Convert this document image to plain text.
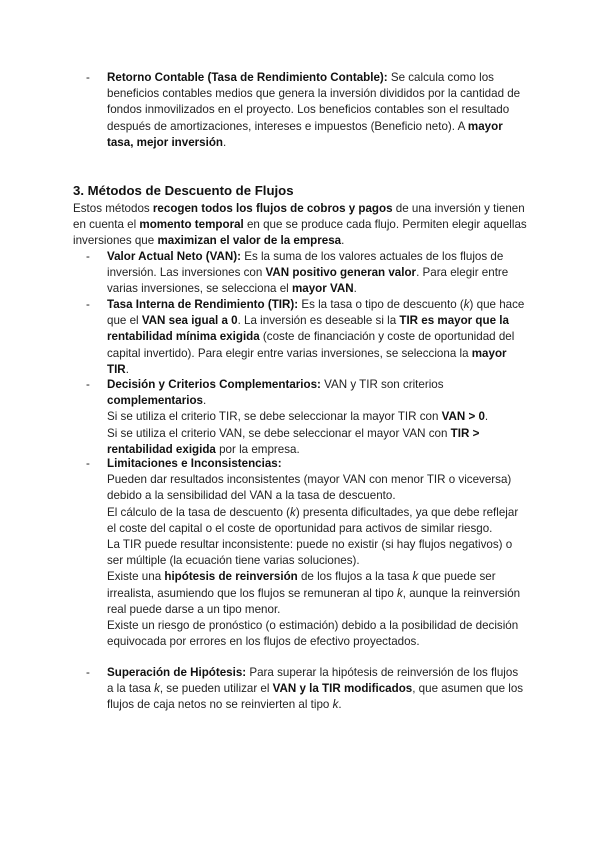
- Retorno Contable (Tasa de Rendimiento Contable): Se calcula como los beneficios contables medios que genera la inversión divididos por la cantidad de fondos inmovilizados en el proyecto. Los beneficios contables son el resultado después de amortizaciones, intereses e impuestos (Beneficio neto). A mayor tasa, mejor inversión.

3. Métodos de Descuento de Flujos

Estos métodos recogen todos los flujos de cobros y pagos de una inversión y tienen en cuenta el momento temporal en que se produce cada flujo. Permiten elegir aquellas inversiones que maximizan el valor de la empresa.

- Valor Actual Neto (VAN): Es la suma de los valores actuales de los flujos de inversión. Las inversiones con VAN positivo generan valor. Para elegir entre varias inversiones, se selecciona el mayor VAN.

- Tasa Interna de Rendimiento (TIR): Es la tasa o tipo de descuento (k) que hace que el VAN sea igual a 0. La inversión es deseable si la TIR es mayor que la rentabilidad mínima exigida (coste de financiación y coste de oportunidad del capital invertido). Para elegir entre varias inversiones, se selecciona la mayor TIR.

- Decisión y Criterios Complementarios: VAN y TIR son criterios complementarios.

Si se utiliza el criterio TIR, se debe seleccionar la mayor TIR con VAN > 0.

Si se utiliza el criterio VAN, se debe seleccionar el mayor VAN con TIR > rentabilidad exigida por la empresa.

- Limitaciones e Inconsistencias:

Pueden dar resultados inconsistentes (mayor VAN con menor TIR o viceversa) debido a la sensibilidad del VAN a la tasa de descuento.

El cálculo de la tasa de descuento (k) presenta dificultades, ya que debe reflejar el coste del capital o el coste de oportunidad para activos de similar riesgo.

La TIR puede resultar inconsistente: puede no existir (si hay flujos negativos) o ser múltiple (la ecuación tiene varias soluciones).

Existe una hipótesis de reinversión de los flujos a la tasa k que puede ser irrealista, asumiendo que los flujos se remuneran al tipo k, aunque la reinversión real puede darse a un tipo menor.

Existe un riesgo de pronóstico (o estimación) debido a la posibilidad de decisión equivocada por errores en los flujos de efectivo proyectados.

- Superación de Hipótesis: Para superar la hipótesis de reinversión de los flujos a la tasa k, se pueden utilizar el VAN y la TIR modificados, que asumen que los flujos de caja netos no se reinvierten al tipo k.
